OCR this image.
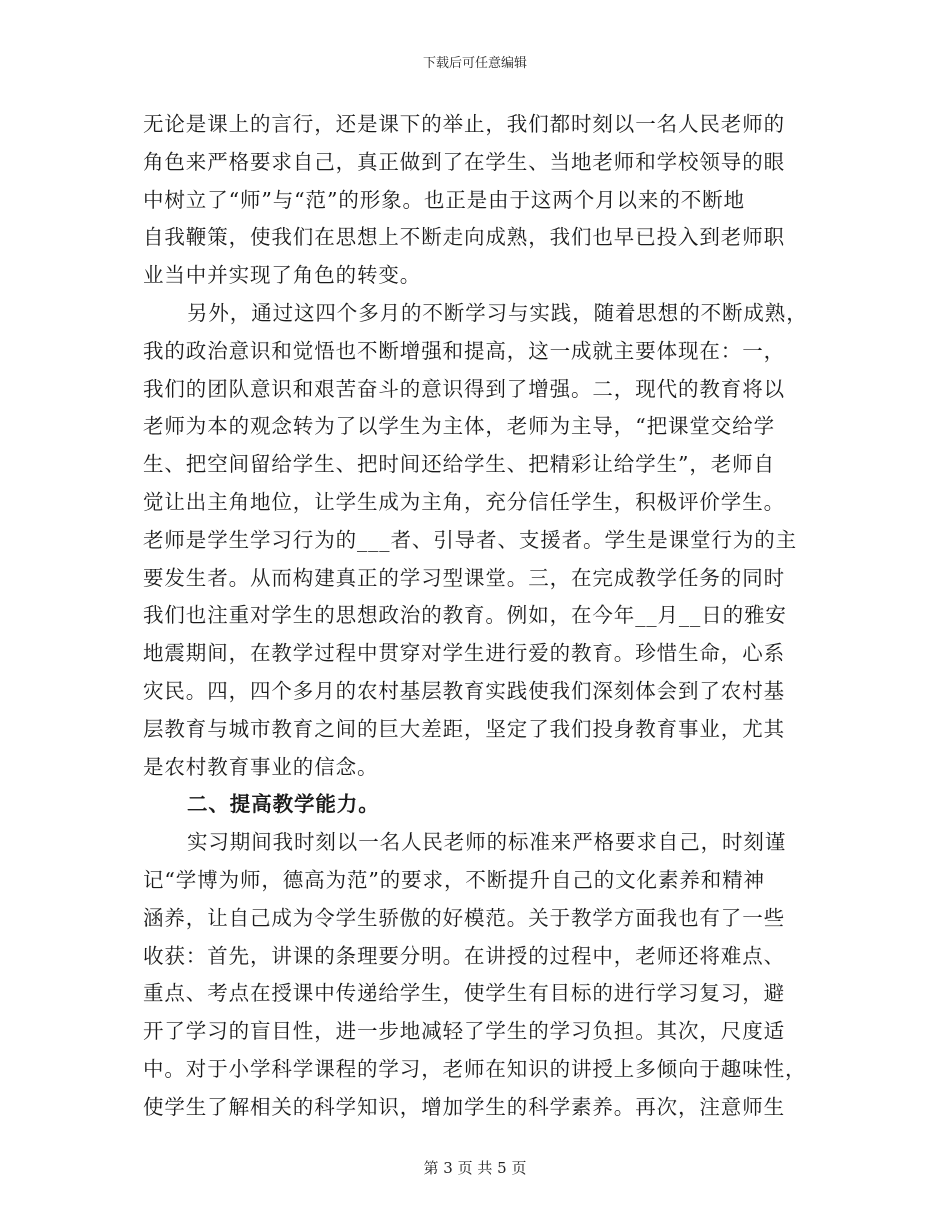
下载后可任意编辑
无论是课上的言行，还是课下的举止，我们都时刻以一名人民老师的
角色来严格要求自己，真正做到了在学生、当地老师和学校领导的眼
中树立了“师”与“范”的形象。也正是由于这两个月以来的不断地
自我鞭策，使我们在思想上不断走向成熟，我们也早已投入到老师职
业当中并实现了角色的转变。
另外，通过这四个多月的不断学习与实践，随着思想的不断成熟，
我的政治意识和觉悟也不断增强和提高，这一成就主要体现在：一，
我们的团队意识和艰苦奋斗的意识得到了增强。二，现代的教育将以
老师为本的观念转为了以学生为主体，老师为主导，“把课堂交给学
生、把空间留给学生、把时间还给学生、把精彩让给学生”，老师自
觉让出主角地位，让学生成为主角，充分信任学生，积极评价学生。
老师是学生学习行为的___者、引导者、支援者。学生是课堂行为的主
要发生者。从而构建真正的学习型课堂。三，在完成教学任务的同时
我们也注重对学生的思想政治的教育。例如，在今年__月__日的雅安
地震期间，在教学过程中贯穿对学生进行爱的教育。珍惜生命，心系
灾民。四，四个多月的农村基层教育实践使我们深刻体会到了农村基
层教育与城市教育之间的巨大差距，坚定了我们投身教育事业，尤其
是农村教育事业的信念。
二、提高教学能力。
实习期间我时刻以一名人民老师的标准来严格要求自己，时刻谨
记“学博为师，德高为范”的要求，不断提升自己的文化素养和精神
涵养，让自己成为令学生骄傲的好模范。关于教学方面我也有了一些
收获：首先，讲课的条理要分明。在讲授的过程中，老师还将难点、
重点、考点在授课中传递给学生，使学生有目标的进行学习复习，避
开了学习的盲目性，进一步地减轻了学生的学习负担。其次，尺度适
中。对于小学科学课程的学习，老师在知识的讲授上多倾向于趣味性，
使学生了解相关的科学知识，增加学生的科学素养。再次，注意师生
第 3 页 共 5 页
